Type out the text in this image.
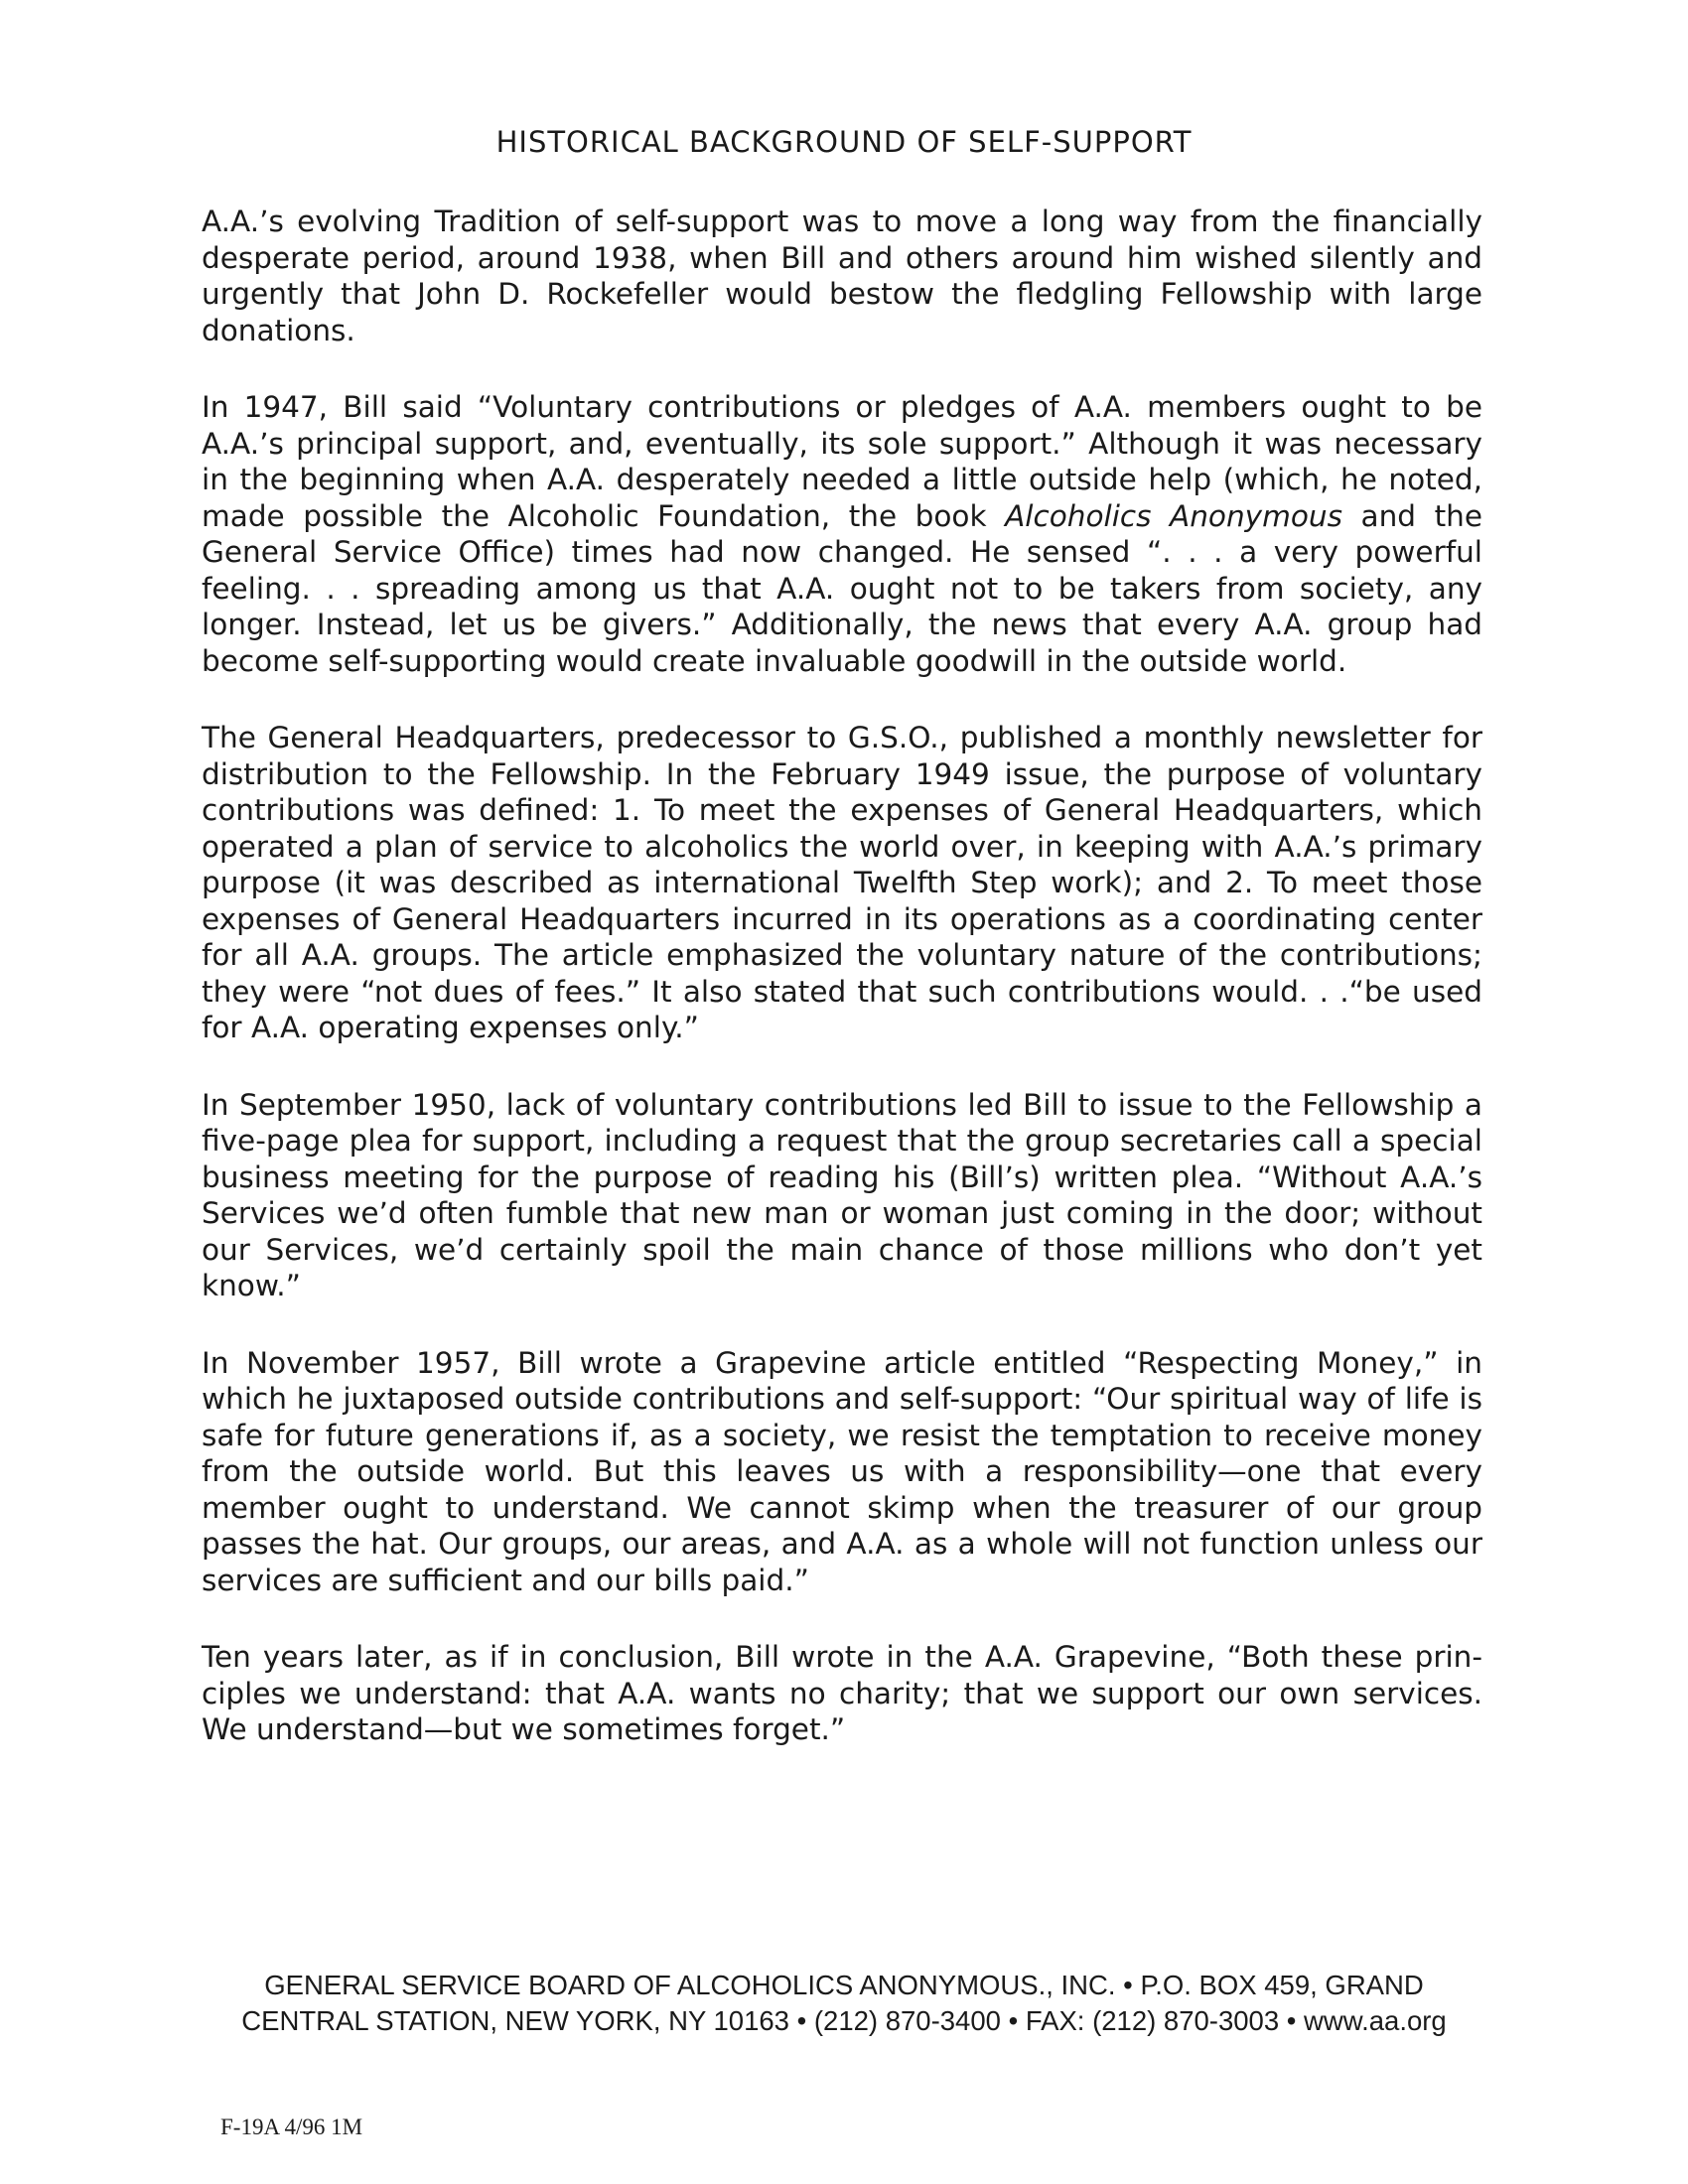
HISTORICAL BACKGROUND OF SELF-SUPPORT

A.A.’s evolving Tradition of self-support was to move a long way from the financially desperate period, around 1938, when Bill and others around him wished silently and urgently that John D. Rockefeller would bestow the fledgling Fellowship with large donations.

In 1947, Bill said “Voluntary contributions or pledges of A.A. members ought to be A.A.’s principal support, and, eventually, its sole support.” Although it was necessary in the beginning when A.A. desperately needed a little outside help (which, he noted, made possible the Alcoholic Foundation, the book Alcoholics Anonymous and the General Service Office) times had now changed. He sensed “. . . a very powerful feeling. . . spreading among us that A.A. ought not to be takers from society, any longer. Instead, let us be givers.” Additionally, the news that every A.A. group had become self-supporting would create invaluable goodwill in the outside world.

The General Headquarters, predecessor to G.S.O., published a monthly newsletter for distribution to the Fellowship. In the February 1949 issue, the purpose of voluntary contributions was defined: 1. To meet the expenses of General Headquarters, which operated a plan of service to alcoholics the world over, in keeping with A.A.’s primary purpose (it was described as international Twelfth Step work); and 2. To meet those expenses of General Headquarters incurred in its operations as a coordinating center for all A.A. groups. The article emphasized the voluntary nature of the contributions; they were “not dues of fees.” It also stated that such contributions would. . .“be used for A.A. operating expenses only.”

In September 1950, lack of voluntary contributions led Bill to issue to the Fellowship a five-page plea for support, including a request that the group secretaries call a special business meeting for the purpose of reading his (Bill’s) written plea. “Without A.A.’s Services we’d often fumble that new man or woman just coming in the door; without our Services, we’d certainly spoil the main chance of those millions who don’t yet know.”

In November 1957, Bill wrote a Grapevine article entitled “Respecting Money,” in which he juxtaposed outside contributions and self-support: “Our spiritual way of life is safe for future generations if, as a society, we resist the temptation to receive money from the outside world. But this leaves us with a responsibility—one that every member ought to understand. We cannot skimp when the treasurer of our group passes the hat. Our groups, our areas, and A.A. as a whole will not function unless our services are sufficient and our bills paid.”

Ten years later, as if in conclusion, Bill wrote in the A.A. Grapevine, “Both these prin-ciples we understand: that A.A. wants no charity; that we support our own services. We understand—but we sometimes forget.”

GENERAL SERVICE BOARD OF ALCOHOLICS ANONYMOUS., INC. • P.O. BOX 459, GRAND
CENTRAL STATION, NEW YORK, NY 10163 • (212) 870-3400 • FAX: (212) 870-3003 • www.aa.org
F-19A 4/96 1M
